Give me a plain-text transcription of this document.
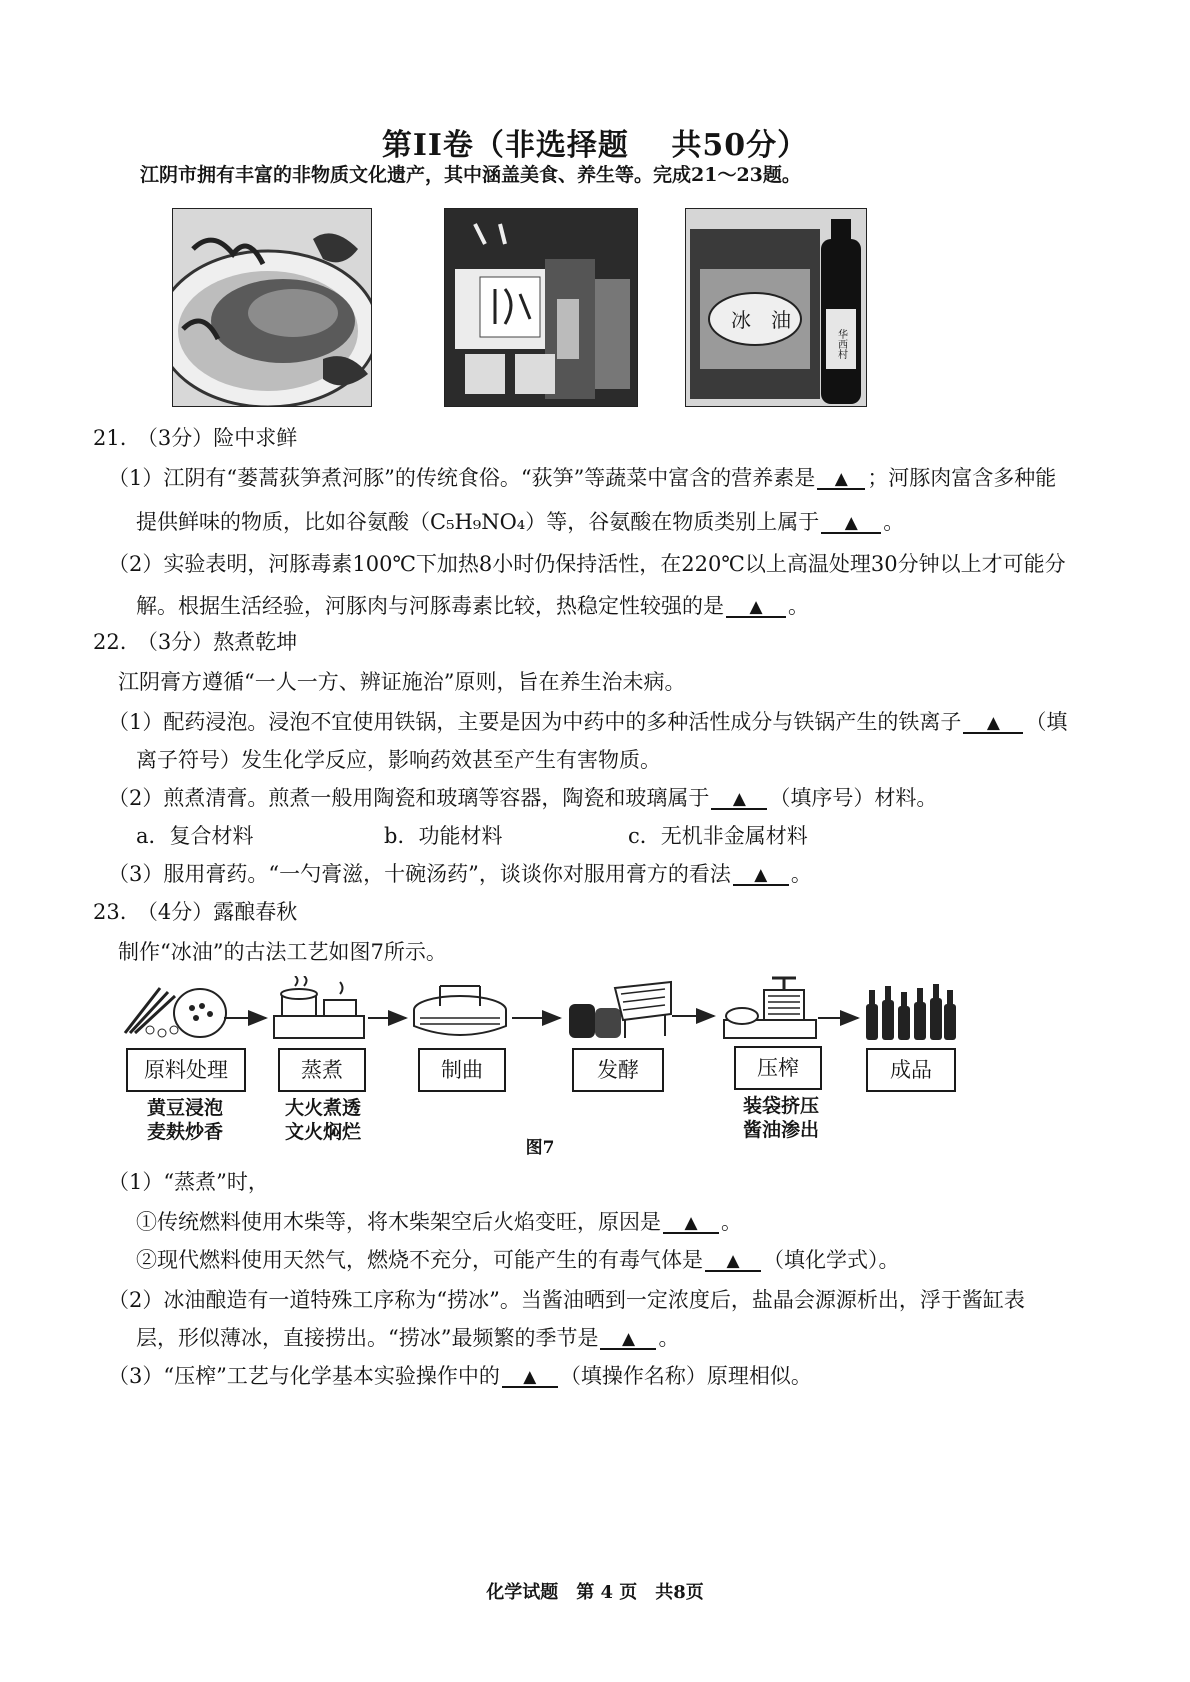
第II卷（非选择题　 共50分）
江阴市拥有丰富的非物质文化遗产，其中涵盖美食、养生等。完成21～23题。
冰　油
华西村
21.　（3分）险中求鲜
（1）江阴有“蒌蒿荻笋煮河豚”的传统食俗。“荻笋”等蔬菜中富含的营养素是 ▲ ；河豚肉富含多种能
提供鲜味的物质，比如谷氨酸（C₅H₉NO₄）等，谷氨酸在物质类别上属于 ▲ 。
（2）实验表明，河豚毒素100℃下加热8小时仍保持活性，在220℃以上高温处理30分钟以上才可能分
解。根据生活经验，河豚肉与河豚毒素比较，热稳定性较强的是 ▲ 。
22.　（3分）熬煮乾坤
江阴膏方遵循“一人一方、辨证施治”原则，旨在养生治未病。
（1）配药浸泡。浸泡不宜使用铁锅，主要是因为中药中的多种活性成分与铁锅产生的铁离子 ▲ （填
离子符号）发生化学反应，影响药效甚至产生有害物质。
（2）煎煮清膏。煎煮一般用陶瓷和玻璃等容器，陶瓷和玻璃属于 ▲ （填序号）材料。
a．复合材料	b．功能材料	c．无机非金属材料
（3）服用膏药。“一勺膏滋，十碗汤药”，谈谈你对服用膏方的看法 ▲ 。
23.　（4分）露酿春秋
制作“冰油”的古法工艺如图7所示。
原料处理	蒸煮	制曲	发酵	压榨	成品
黄豆浸泡
麦麸炒香
大火煮透
文火焖烂
装袋挤压
酱油渗出
图7
（1）“蒸煮”时，
①传统燃料使用木柴等，将木柴架空后火焰变旺，原因是 ▲ 。
②现代燃料使用天然气，燃烧不充分，可能产生的有毒气体是 ▲ （填化学式）。
（2）冰油酿造有一道特殊工序称为“捞冰”。当酱油晒到一定浓度后，盐晶会源源析出，浮于酱缸表
层，形似薄冰，直接捞出。“捞冰”最频繁的季节是 ▲ 。
（3）“压榨”工艺与化学基本实验操作中的 ▲ （填操作名称）原理相似。
化学试题　第 4 页　共8页
